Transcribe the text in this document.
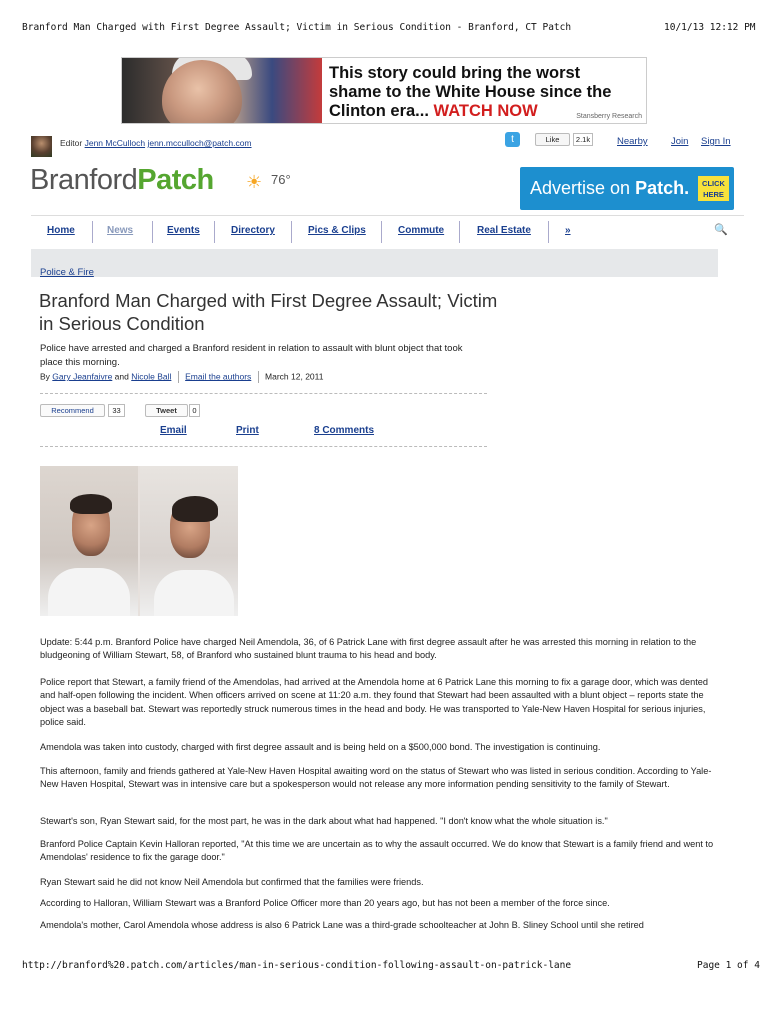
Branford Man Charged with First Degree Assault; Victim in Serious Condition - Branford, CT Patch	10/1/13 12:12 PM
This story could bring the worst shame to the White House since the Clinton era... WATCH NOW	Stansberry Research
Editor Jenn McCulloch jenn.mcculloch@patch.com	t	Like	2.1k	Nearby Join Sign In
BranfordPatch ☀ 76°	Advertise on Patch.	CLICK HERE
Home	News	Events	Directory	Pics & Clips	Commute	Real Estate	»	🔍
Police & Fire
Branford Man Charged with First Degree Assault; Victim in Serious Condition

Police have arrested and charged a Branford resident in relation to assault with blunt object that took place this morning.

By Gary Jeanfaivre and Nicole Ball Email the authors March 12, 2011
Recommend	33	Tweet	0
Email	Print	8 Comments

Update: 5:44 p.m. Branford Police have charged Neil Amendola, 36, of 6 Patrick Lane with first degree assault after he was arrested this morning in relation to the bludgeoning of William Stewart, 58, of Branford who sustained blunt trauma to his head and body.

Police report that Stewart, a family friend of the Amendolas, had arrived at the Amendola home at 6 Patrick Lane this morning to fix a garage door, which was dented and half-open following the incident. When officers arrived on scene at 11:20 a.m. they found that Stewart had been assaulted with a blunt object – reports state the object was a baseball bat. Stewart was reportedly struck numerous times in the head and body. He was transported to Yale-New Haven Hospital for serious injuries, police said.

Amendola was taken into custody, charged with first degree assault and is being held on a $500,000 bond. The investigation is continuing.

This afternoon, family and friends gathered at Yale-New Haven Hospital awaiting word on the status of Stewart who was listed in serious condition. According to Yale-New Haven Hospital, Stewart was in intensive care but a spokesperson would not release any more information pending sensitivity to the family of Stewart.

Stewart's son, Ryan Stewart said, for the most part, he was in the dark about what had happened. "I don't know what the whole situation is."

Branford Police Captain Kevin Halloran reported, "At this time we are uncertain as to why the assault occurred. We do know that Stewart is a family friend and went to Amendolas' residence to fix the garage door."

Ryan Stewart said he did not know Neil Amendola but confirmed that the families were friends.

According to Halloran, William Stewart was a Branford Police Officer more than 20 years ago, but has not been a member of the force since.

Amendola's mother, Carol Amendola whose address is also 6 Patrick Lane was a third-grade schoolteacher at John B. Sliney School until she retired

http://branford%20.patch.com/articles/man-in-serious-condition-following-assault-on-patrick-lane	Page 1 of 4
